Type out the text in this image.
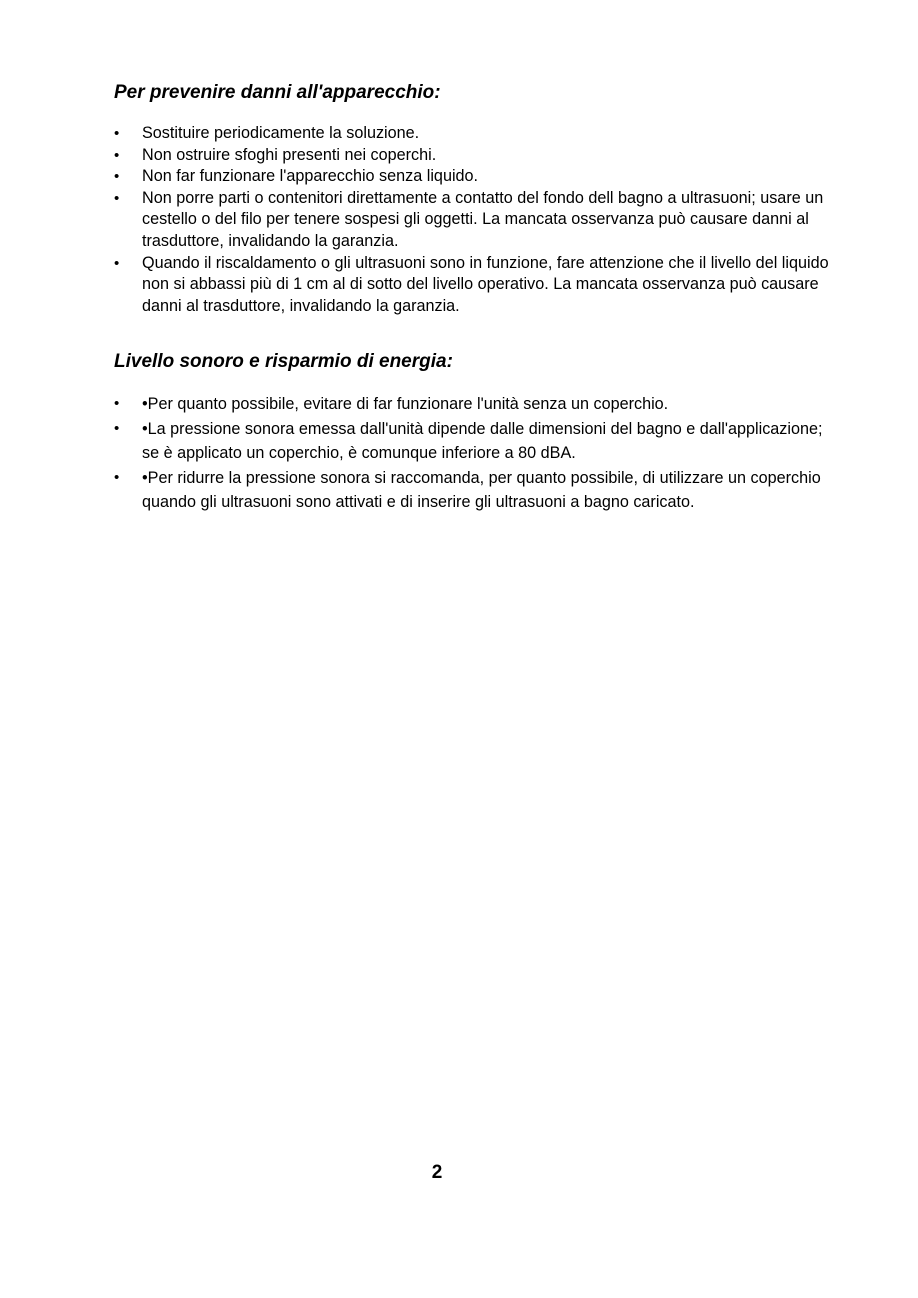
Per prevenire danni all'apparecchio:
• Sostituire periodicamente la soluzione.
• Non ostruire sfoghi presenti nei coperchi.
• Non far funzionare l'apparecchio senza liquido.
• Non porre parti o contenitori direttamente a contatto del fondo dell bagno a ultrasuoni; usare un cestello o del filo per tenere sospesi gli oggetti. La mancata osservanza può causare danni al trasduttore, invalidando la garanzia.
• Quando il riscaldamento o gli ultrasuoni sono in funzione, fare attenzione che il livello del liquido non si abbassi più di 1 cm al di sotto del livello operativo. La mancata osservanza può causare danni al trasduttore, invalidando la garanzia.
Livello sonoro e risparmio di energia:
• •Per quanto possibile, evitare di far funzionare l'unità senza un coperchio.
• •La pressione sonora emessa dall'unità dipende dalle dimensioni del bagno e dall'applicazione; se è applicato un coperchio, è comunque inferiore a 80 dBA.
• •Per ridurre la pressione sonora si raccomanda, per quanto possibile, di utilizzare un coperchio quando gli ultrasuoni sono attivati e di inserire gli ultrasuoni a bagno caricato.
2
